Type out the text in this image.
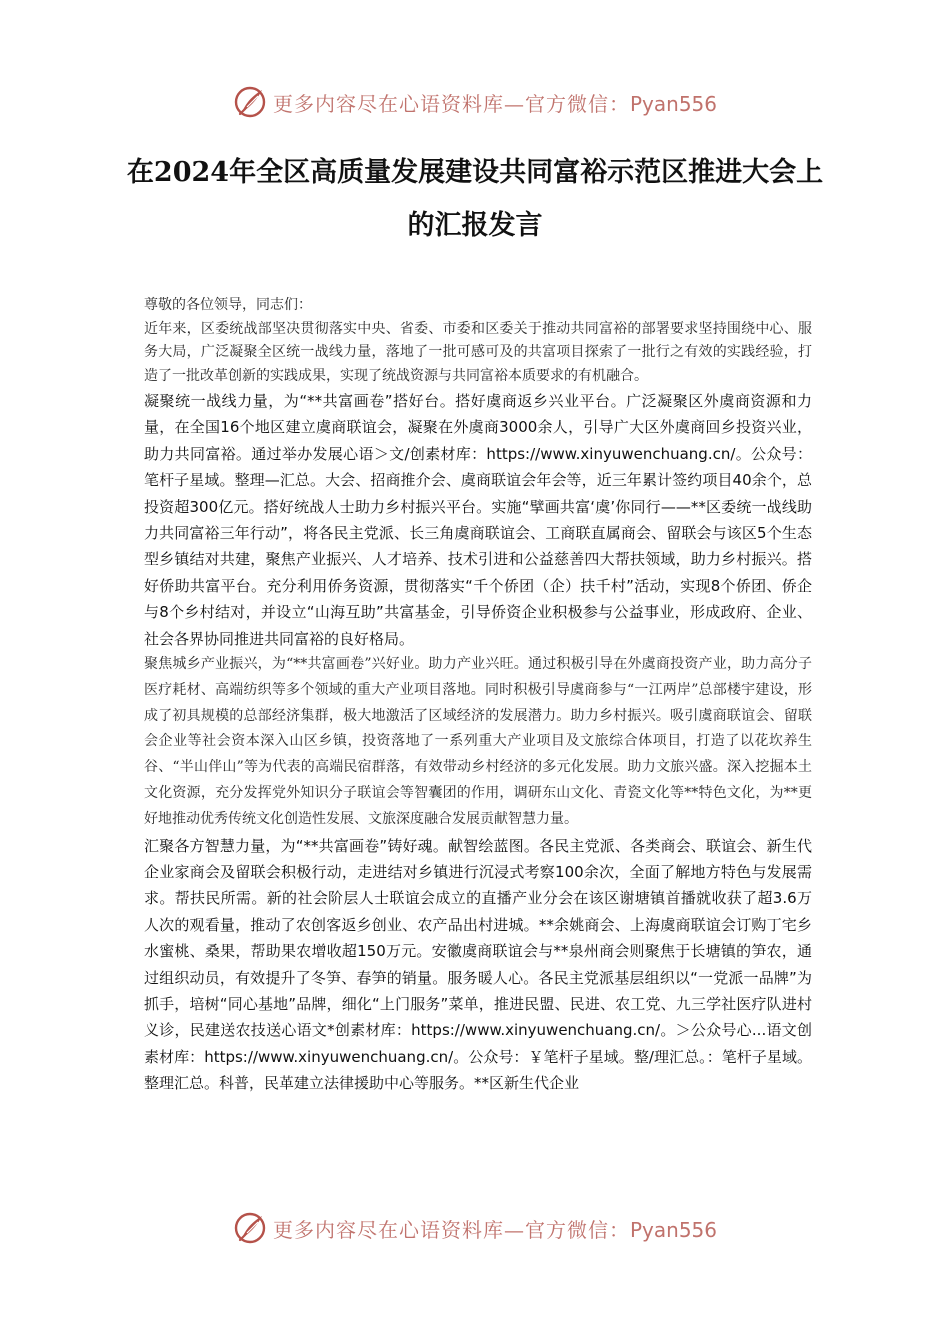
更多内容尽在心语资料库—官方微信：Pyan556
在2024年全区高质量发展建设共同富裕示范区推进大会上的汇报发言

尊敬的各位领导，同志们：

近年来，区委统战部坚决贯彻落实中央、省委、市委和区委关于推动共同富裕的部署要求坚持围绕中心、服务大局，广泛凝聚全区统一战线力量，落地了一批可感可及的共富项目探索了一批行之有效的实践经验，打造了一批改革创新的实践成果，实现了统战资源与共同富裕本质要求的有机融合。

凝聚统一战线力量，为“**共富画卷”搭好台。搭好虞商返乡兴业平台。广泛凝聚区外虞商资源和力量，在全国16个地区建立虞商联谊会，凝聚在外虞商3000余人，引导广大区外虞商回乡投资兴业，助力共同富裕。通过举办发展心语＞文/创素材库：https://www.xinyuwenchuang.cn/。公众号：笔杆子星域。整理—汇总。大会、招商推介会、虞商联谊会年会等，近三年累计签约项目40余个，总投资超300亿元。搭好统战人士助力乡村振兴平台。实施“擘画共富‘虞’你同行——**区委统一战线助力共同富裕三年行动”，将各民主党派、长三角虞商联谊会、工商联直属商会、留联会与该区5个生态型乡镇结对共建，聚焦产业振兴、人才培养、技术引进和公益慈善四大帮扶领域，助力乡村振兴。搭好侨助共富平台。充分利用侨务资源，贯彻落实“千个侨团（企）扶千村”活动，实现8个侨团、侨企与8个乡村结对，并设立“山海互助”共富基金，引导侨资企业积极参与公益事业，形成政府、企业、社会各界协同推进共同富裕的良好格局。

聚焦城乡产业振兴，为“**共富画卷”兴好业。助力产业兴旺。通过积极引导在外虞商投资产业，助力高分子医疗耗材、高端纺织等多个领域的重大产业项目落地。同时积极引导虞商参与“一江两岸”总部楼宇建设，形成了初具规模的总部经济集群，极大地激活了区域经济的发展潜力。助力乡村振兴。吸引虞商联谊会、留联会企业等社会资本深入山区乡镇，投资落地了一系列重大产业项目及文旅综合体项目，打造了以花坎养生谷、“半山伴山”等为代表的高端民宿群落，有效带动乡村经济的多元化发展。助力文旅兴盛。深入挖掘本土文化资源，充分发挥党外知识分子联谊会等智囊团的作用，调研东山文化、青瓷文化等**特色文化，为**更好地推动优秀传统文化创造性发展、文旅深度融合发展贡献智慧力量。

汇聚各方智慧力量，为“**共富画卷”铸好魂。献智绘蓝图。各民主党派、各类商会、联谊会、新生代企业家商会及留联会积极行动，走进结对乡镇进行沉浸式考察100余次，全面了解地方特色与发展需求。帮扶民所需。新的社会阶层人士联谊会成立的直播产业分会在该区谢塘镇首播就收获了超3.6万人次的观看量，推动了农创客返乡创业、农产品出村进城。**余姚商会、上海虞商联谊会订购丁宅乡水蜜桃、桑果，帮助果农增收超150万元。安徽虞商联谊会与**泉州商会则聚焦于长塘镇的笋农，通过组织动员，有效提升了冬笋、春笋的销量。服务暖人心。各民主党派基层组织以“一党派一品牌”为抓手，培树“同心基地”品牌，细化“上门服务”菜单，推进民盟、民进、农工党、九三学社医疗队进村义诊，民建送农技送心语文*创素材库：https://www.xinyuwenchuang.cn/。＞公众号心...语文创素材库：https://www.xinyuwenchuang.cn/。公众号：￥笔杆子星域。整/理汇总。：笔杆子星域。整理汇总。科普，民革建立法律援助中心等服务。**区新生代企业

更多内容尽在心语资料库—官方微信：Pyan556
